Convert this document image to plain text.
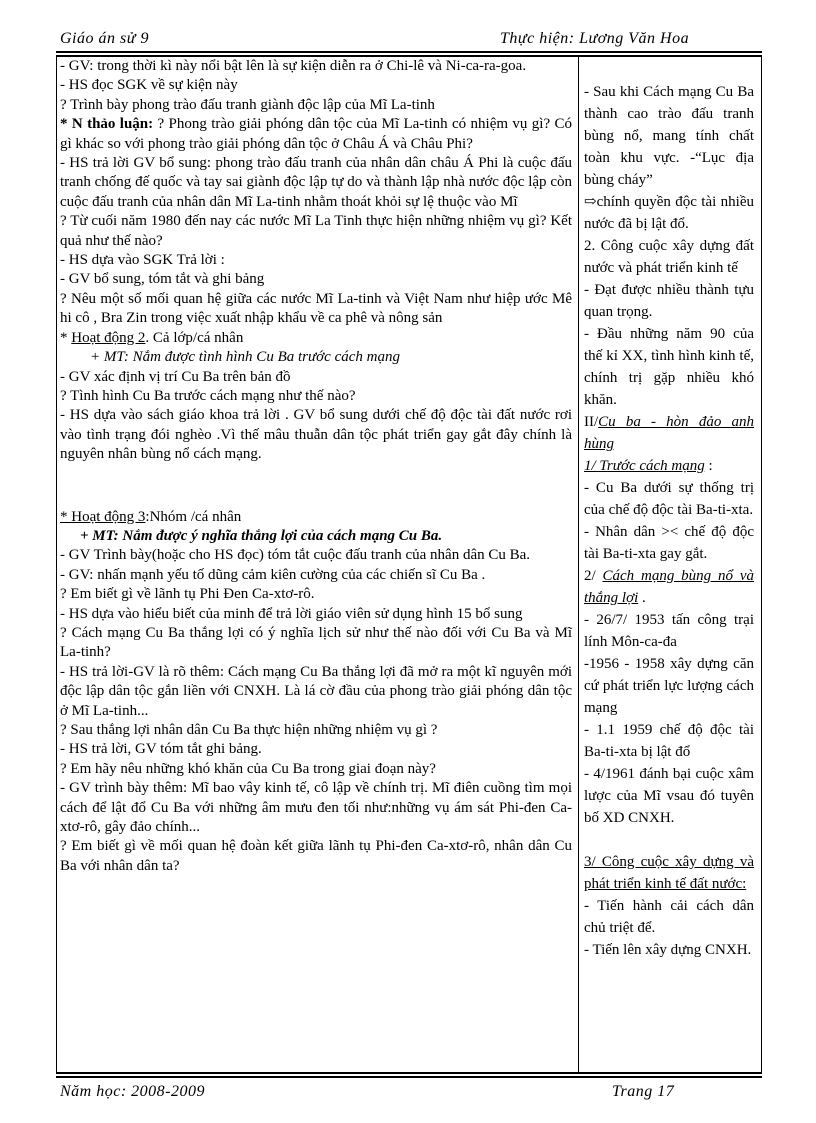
Giáo án sử 9	Thực hiện: Lương Văn Hoa

- GV: trong thời kì này nổi bật lên là sự kiện diễn ra ở Chi-lê và Ni-ca-ra-goa.

- HS đọc SGK về sự kiện này

? Trình bày phong trào đấu tranh giành độc lập của Mĩ La-tinh

* N thảo luận: ? Phong trào giải phóng dân tộc của Mĩ La-tinh có nhiệm vụ gì? Có gì khác so với phong trào giải phóng dân tộc ở Châu Á và Châu Phi?

- HS trả lời GV bổ sung: phong trào đấu tranh của nhân dân châu Á Phi là cuộc đấu tranh chống đế quốc và tay sai giành độc lập tự do và thành lập nhà nước độc lập còn cuộc đấu tranh của nhân dân Mĩ La-tinh nhằm thoát khỏi sự lệ thuộc vào Mĩ

? Từ cuối năm 1980 đến nay các nước Mĩ La Tinh thực hiện những nhiệm vụ gì? Kết quả như thế nào?

- HS dựa vào SGK Trả lời :

- GV bổ sung, tóm tắt và ghi bảng

? Nêu một số mối quan hệ giữa các nước Mĩ La-tinh và Việt Nam như hiệp ước Mê hi cô , Bra Zin trong việc xuất nhập khẩu về ca phê và nông sản

* Hoạt động 2. Cả lớp/cá nhân

+ MT: Nắm được tình hình Cu Ba trước cách mạng

- GV xác định vị trí Cu Ba trên bản đồ

? Tình hình Cu Ba trước cách mạng như thế nào?

- HS dựa vào sách giáo khoa trả lời . GV bổ sung dưới chế độ độc tài đất nước rơi vào tình trạng đói nghèo .Vì thế mâu thuẫn dân tộc phát triển gay gắt đây chính là nguyên nhân bùng nổ cách mạng.

* Hoạt động 3:Nhóm /cá nhân

+ MT: Nắm được ý nghĩa thắng lợi của cách mạng Cu Ba.

- GV Trình bày(hoặc cho HS đọc) tóm tắt cuộc đấu tranh của nhân dân Cu Ba.

- GV: nhấn mạnh yếu tố dũng cảm kiên cường của các chiến sĩ Cu Ba .

? Em biết gì về lãnh tụ Phi Đen Ca-xtơ-rô.

- HS dựa vào hiểu biết của minh để trả lời giáo viên sử dụng hình 15 bổ sung

? Cách mạng Cu Ba thắng lợi có ý nghĩa lịch sử như thế nào đối với Cu Ba và Mĩ La-tinh?

- HS trả lời-GV là rõ thêm: Cách mạng Cu Ba thắng lợi đã mở ra một kĩ nguyên mới độc lập dân tộc gắn liền với CNXH. Là lá cờ đầu của phong trào giải phóng dân tộc ở Mĩ La-tinh...

? Sau thắng lợi nhân dân Cu Ba thực hiện những nhiệm vụ gì ?

- HS trả lời, GV tóm tắt ghi bảng.

? Em hãy nêu những khó khăn của Cu Ba trong giai đoạn này?

- GV trình bày thêm: Mĩ bao vây kinh tế, cô lập về chính trị. Mĩ điên cuồng tìm mọi cách để lật đổ Cu Ba với những âm mưu đen tối như:những vụ ám sát Phi-đen Ca-xtơ-rô, gây đảo chính...

? Em biết gì về mối quan hệ đoàn kết giữa lãnh tụ Phi-đen Ca-xtơ-rô, nhân dân Cu Ba với nhân dân ta?

- Sau khi Cách mạng Cu Ba thành cao trào đấu tranh bùng nổ, mang tính chất toàn khu vực. -“Lục địa bùng cháy”

⇨chính quyền độc tài nhiều nước đã bị lật đổ.

2. Công cuộc xây dựng đất nước và phát triển kinh tế

- Đạt được nhiều thành tựu quan trọng.

- Đầu những năm 90 của thế kỉ XX, tình hình kinh tế, chính trị gặp nhiều khó khăn.

II/Cu ba - hòn đảo anh hùng

1/ Trước cách mạng :

- Cu Ba dưới sự thống trị của chế độ độc tài Ba-ti-xta.

- Nhân dân >< chế độ độc tài Ba-ti-xta gay gắt.

2/ Cách mạng bùng nổ và thắng lợi .

- 26/7/ 1953 tấn công trại lính Môn-ca-đa

-1956 - 1958 xây dựng căn cứ phát triển lực lượng cách mạng

- 1.1 1959 chế độ độc tài Ba-ti-xta bị lật đổ

- 4/1961 đánh bại cuộc xâm lược của Mĩ vsau đó tuyên bố XD CNXH.

3/ Công cuộc xây dựng và phát triển kinh tế đất nước:

- Tiến hành cải cách dân chủ triệt để.

- Tiến lên xây dựng CNXH.

Năm học: 2008-2009	Trang 17
